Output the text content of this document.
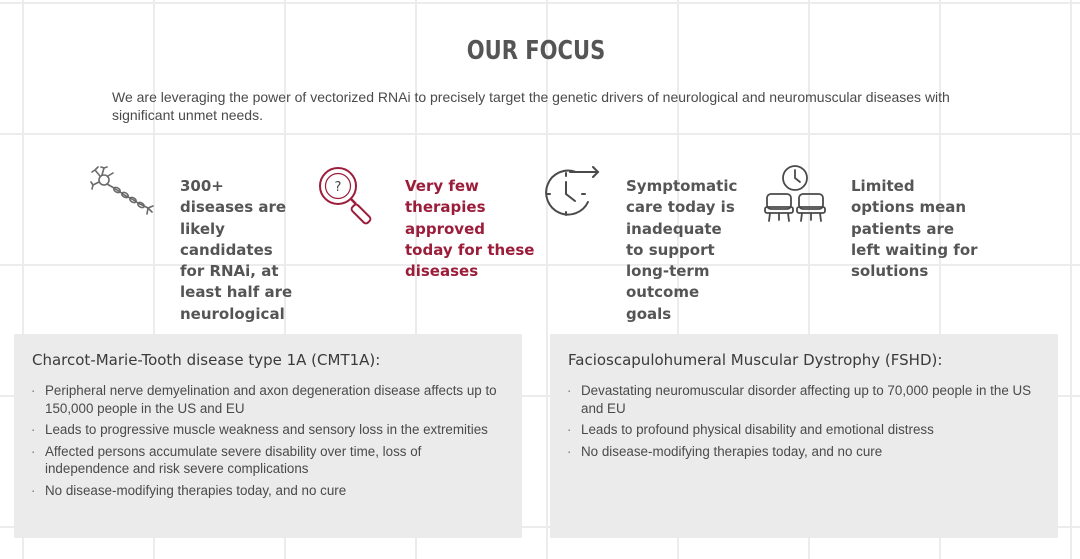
OUR FOCUS
We are leveraging the power of vectorized RNAi to precisely target the genetic drivers of neurological and neuromuscular diseases with significant unmet needs.
300+ diseases are likely candidates for RNAi, at least half are neurological
?	Very few therapies approved today for these diseases
Symptomatic care today is inadequate to support long-term outcome goals
Limited options mean patients are left waiting for solutions
Charcot-Marie-Tooth disease type 1A (CMT1A):
· Peripheral nerve demyelination and axon degeneration disease affects up to 150,000 people in the US and EU
· Leads to progressive muscle weakness and sensory loss in the extremities
· Affected persons accumulate severe disability over time, loss of independence and risk severe complications
· No disease-modifying therapies today, and no cure
Facioscapulohumeral Muscular Dystrophy (FSHD):
· Devastating neuromuscular disorder affecting up to 70,000 people in the US and EU
· Leads to profound physical disability and emotional distress
· No disease-modifying therapies today, and no cure
